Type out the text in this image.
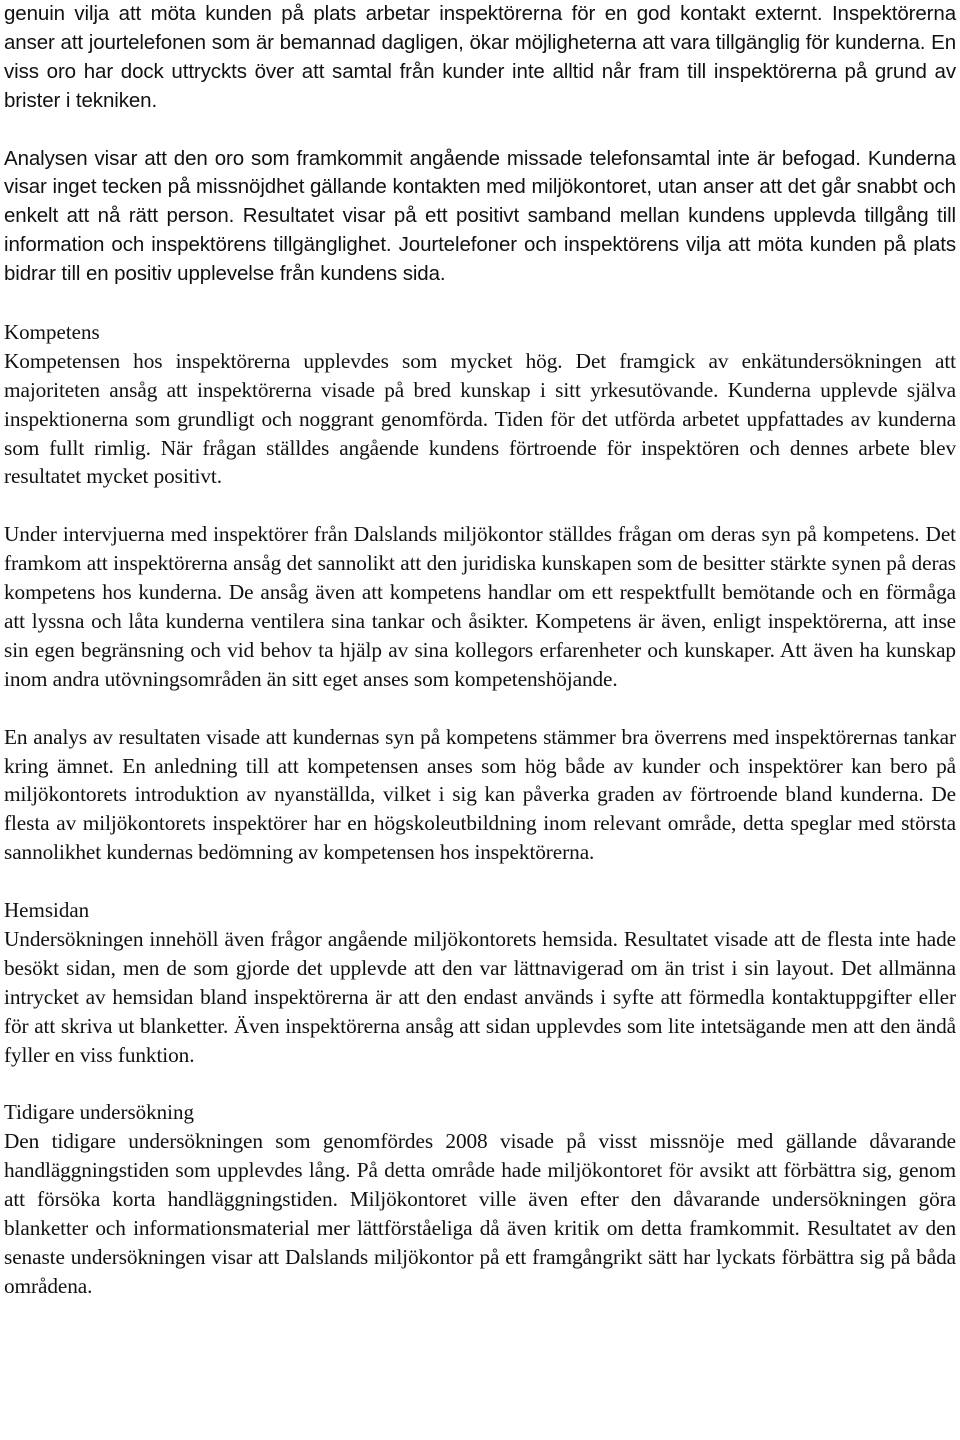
genuin vilja att möta kunden på plats arbetar inspektörerna för en god kontakt externt. Inspektörerna anser att jourtelefonen som är bemannad dagligen, ökar möjligheterna att vara tillgänglig för kunderna. En viss oro har dock uttryckts över att samtal från kunder inte alltid når fram till inspektörerna på grund av brister i tekniken.

Analysen visar att den oro som framkommit angående missade telefonsamtal inte är befogad. Kunderna visar inget tecken på missnöjdhet gällande kontakten med miljökontoret, utan anser att det går snabbt och enkelt att nå rätt person. Resultatet visar på ett positivt samband mellan kundens upplevda tillgång till information och inspektörens tillgänglighet. Jourtelefoner och inspektörens vilja att möta kunden på plats bidrar till en positiv upplevelse från kundens sida.

Kompetens

Kompetensen hos inspektörerna upplevdes som mycket hög. Det framgick av enkätundersökningen att majoriteten ansåg att inspektörerna visade på bred kunskap i sitt yrkesutövande. Kunderna upplevde själva inspektionerna som grundligt och noggrant genomförda. Tiden för det utförda arbetet uppfattades av kunderna som fullt rimlig. När frågan ställdes angående kundens förtroende för inspektören och dennes arbete blev resultatet mycket positivt.

Under intervjuerna med inspektörer från Dalslands miljökontor ställdes frågan om deras syn på kompetens. Det framkom att inspektörerna ansåg det sannolikt att den juridiska kunskapen som de besitter stärkte synen på deras kompetens hos kunderna. De ansåg även att kompetens handlar om ett respektfullt bemötande och en förmåga att lyssna och låta kunderna ventilera sina tankar och åsikter. Kompetens är även, enligt inspektörerna, att inse sin egen begränsning och vid behov ta hjälp av sina kollegors erfarenheter och kunskaper. Att även ha kunskap inom andra utövningsområden än sitt eget anses som kompetenshöjande.

En analys av resultaten visade att kundernas syn på kompetens stämmer bra överrens med inspektörernas tankar kring ämnet. En anledning till att kompetensen anses som hög både av kunder och inspektörer kan bero på miljökontorets introduktion av nyanställda, vilket i sig kan påverka graden av förtroende bland kunderna. De flesta av miljökontorets inspektörer har en högskoleutbildning inom relevant område, detta speglar med största sannolikhet kundernas bedömning av kompetensen hos inspektörerna.

Hemsidan

Undersökningen innehöll även frågor angående miljökontorets hemsida. Resultatet visade att de flesta inte hade besökt sidan, men de som gjorde det upplevde att den var lättnavigerad om än trist i sin layout. Det allmänna intrycket av hemsidan bland inspektörerna är att den endast används i syfte att förmedla kontaktuppgifter eller för att skriva ut blanketter. Även inspektörerna ansåg att sidan upplevdes som lite intetsägande men att den ändå fyller en viss funktion.

Tidigare undersökning

Den tidigare undersökningen som genomfördes 2008 visade på visst missnöje med gällande dåvarande handläggningstiden som upplevdes lång. På detta område hade miljökontoret för avsikt att förbättra sig, genom att försöka korta handläggningstiden. Miljökontoret ville även efter den dåvarande undersökningen göra blanketter och informationsmaterial mer lättförståeliga då även kritik om detta framkommit. Resultatet av den senaste undersökningen visar att Dalslands miljökontor på ett framgångrikt sätt har lyckats förbättra sig på båda områdena.
